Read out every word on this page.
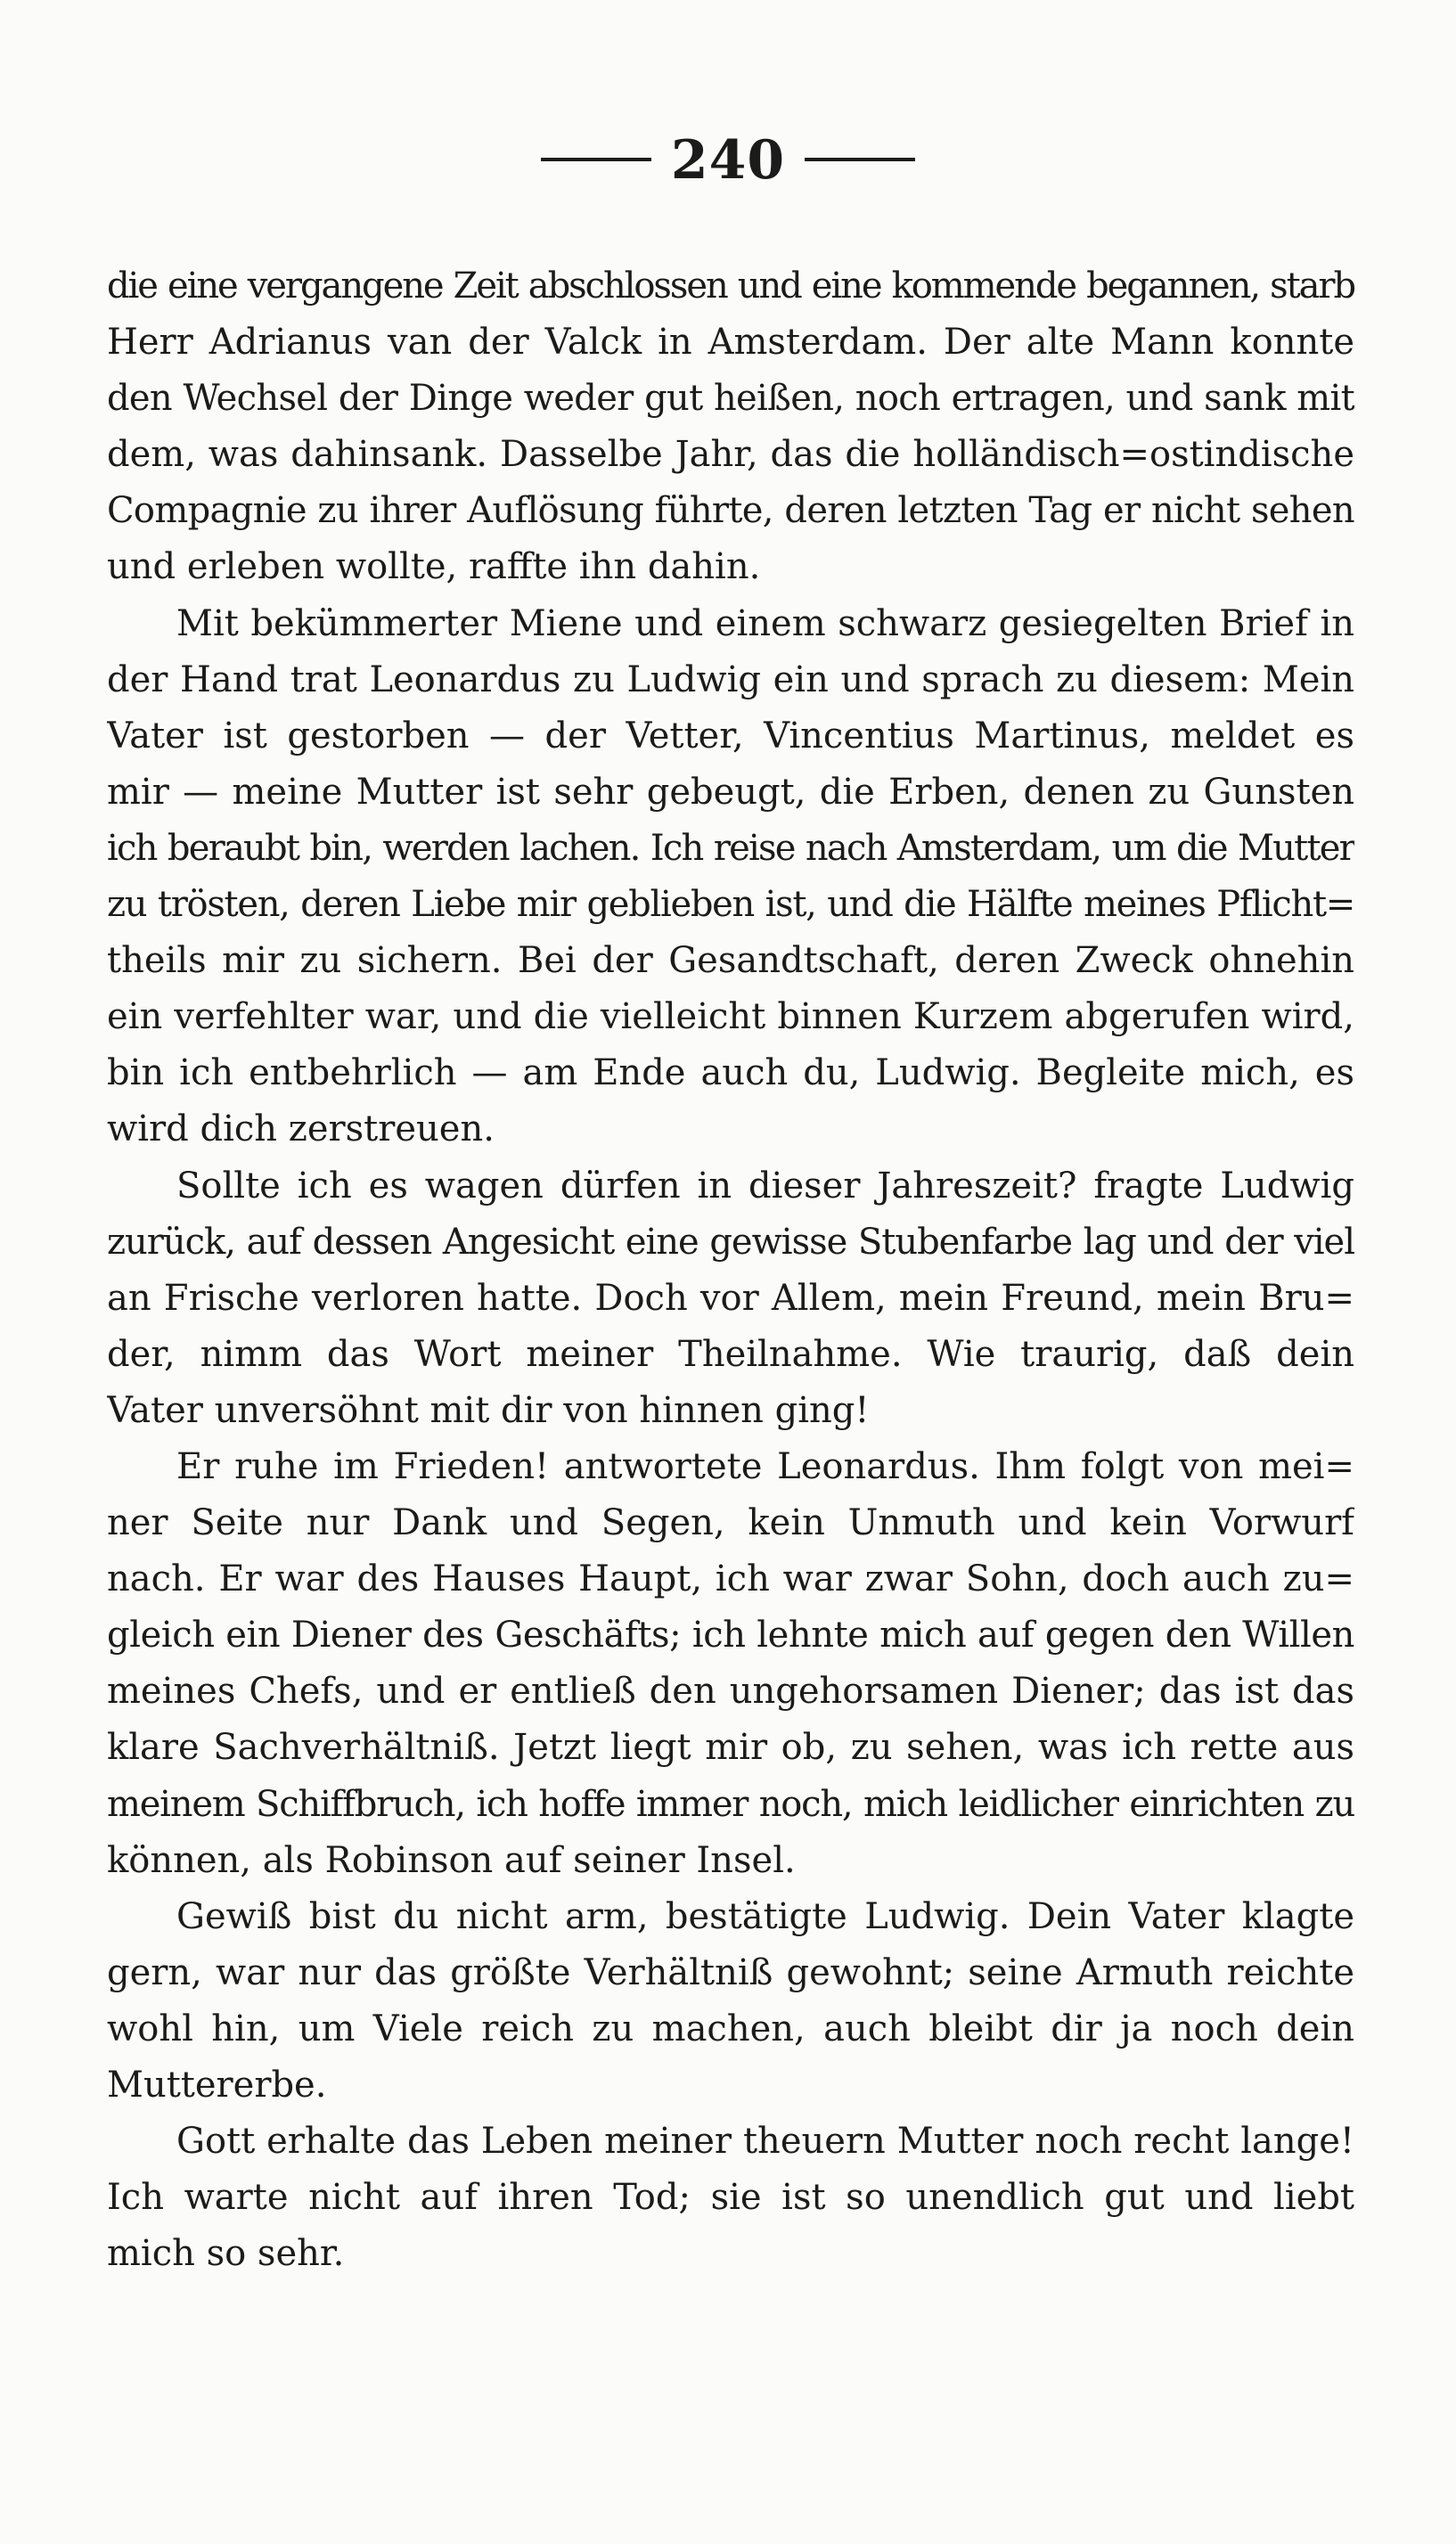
240
die eine vergangene Zeit abschlossen und eine kommende begannen, starb
Herr Adrianus van der Valck in Amsterdam. Der alte Mann konnte
den Wechsel der Dinge weder gut heißen, noch ertragen, und sank mit
dem, was dahinsank. Dasselbe Jahr, das die holländisch=ostindische
Compagnie zu ihrer Auflösung führte, deren letzten Tag er nicht sehen
und erleben wollte, raffte ihn dahin.
Mit bekümmerter Miene und einem schwarz gesiegelten Brief in
der Hand trat Leonardus zu Ludwig ein und sprach zu diesem: Mein
Vater ist gestorben — der Vetter, Vincentius Martinus, meldet es
mir — meine Mutter ist sehr gebeugt, die Erben, denen zu Gunsten
ich beraubt bin, werden lachen. Ich reise nach Amsterdam, um die Mutter
zu trösten, deren Liebe mir geblieben ist, und die Hälfte meines Pflicht=
theils mir zu sichern. Bei der Gesandtschaft, deren Zweck ohnehin
ein verfehlter war, und die vielleicht binnen Kurzem abgerufen wird,
bin ich entbehrlich — am Ende auch du, Ludwig. Begleite mich, es
wird dich zerstreuen.
Sollte ich es wagen dürfen in dieser Jahreszeit? fragte Ludwig
zurück, auf dessen Angesicht eine gewisse Stubenfarbe lag und der viel
an Frische verloren hatte. Doch vor Allem, mein Freund, mein Bru=
der, nimm das Wort meiner Theilnahme. Wie traurig, daß dein
Vater unversöhnt mit dir von hinnen ging!
Er ruhe im Frieden! antwortete Leonardus. Ihm folgt von mei=
ner Seite nur Dank und Segen, kein Unmuth und kein Vorwurf
nach. Er war des Hauses Haupt, ich war zwar Sohn, doch auch zu=
gleich ein Diener des Geschäfts; ich lehnte mich auf gegen den Willen
meines Chefs, und er entließ den ungehorsamen Diener; das ist das
klare Sachverhältniß. Jetzt liegt mir ob, zu sehen, was ich rette aus
meinem Schiffbruch, ich hoffe immer noch, mich leidlicher einrichten zu
können, als Robinson auf seiner Insel.
Gewiß bist du nicht arm, bestätigte Ludwig. Dein Vater klagte
gern, war nur das größte Verhältniß gewohnt; seine Armuth reichte
wohl hin, um Viele reich zu machen, auch bleibt dir ja noch dein
Muttererbe.
Gott erhalte das Leben meiner theuern Mutter noch recht lange!
Ich warte nicht auf ihren Tod; sie ist so unendlich gut und liebt
mich so sehr.
